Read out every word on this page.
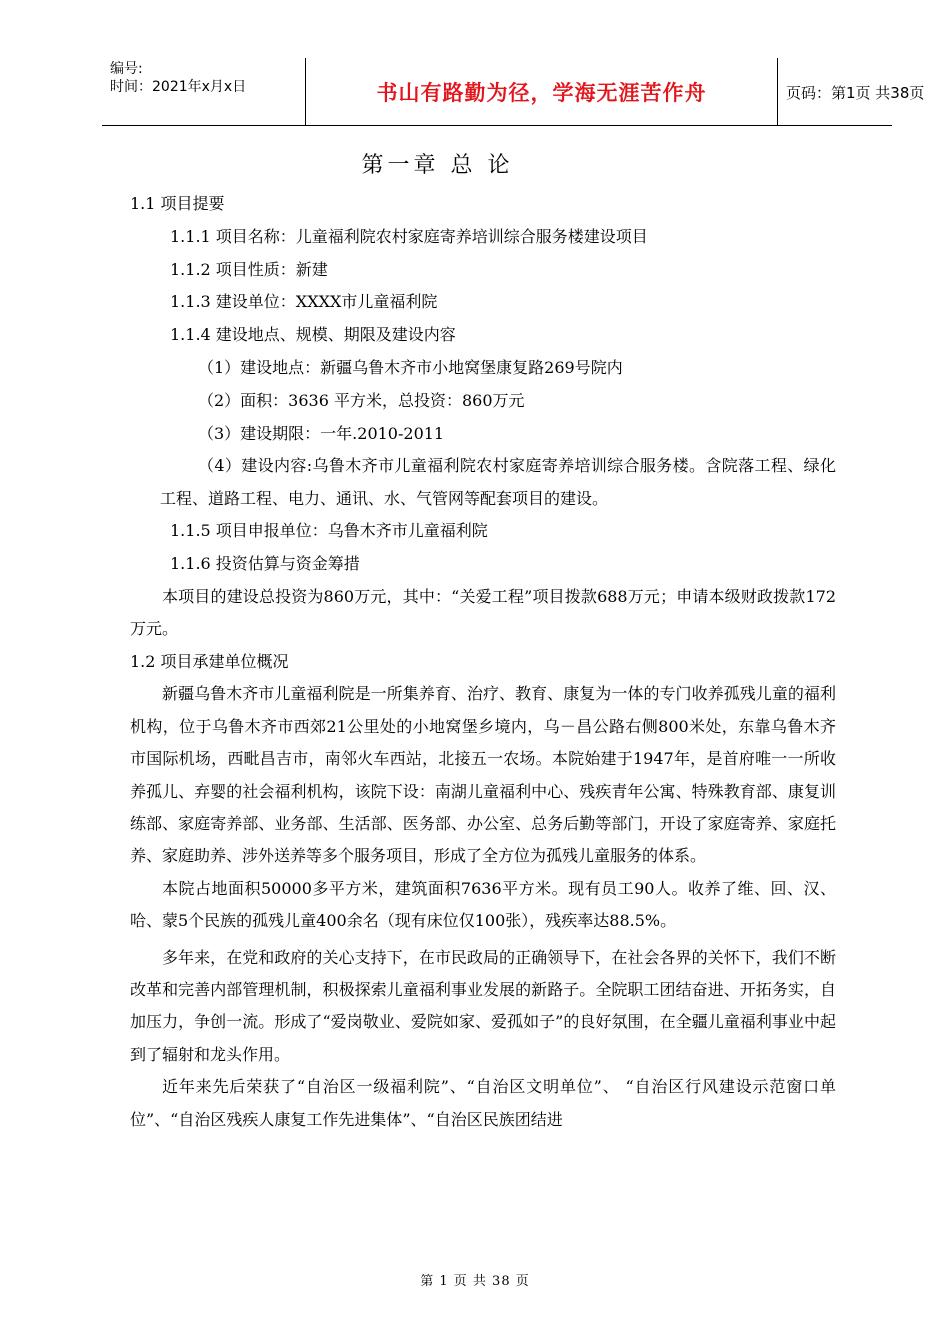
编号:
时间：2021年x月x日	书山有路勤为径，学海无涯苦作舟	页码：第1页 共38页
第一章 总 论
1.1 项目提要
1.1.1 项目名称：儿童福利院农村家庭寄养培训综合服务楼建设项目
1.1.2 项目性质：新建
1.1.3 建设单位：XXXX市儿童福利院
1.1.4 建设地点、规模、期限及建设内容
（1）建设地点：新疆乌鲁木齐市小地窝堡康复路269号院内
（2）面积：3636 平方米，总投资：860万元
（3）建设期限：一年.2010-2011
（4）建设内容:乌鲁木齐市儿童福利院农村家庭寄养培训综合服务楼。含院落工程、绿化工程、道路工程、电力、通讯、水、气管网等配套项目的建设。
1.1.5 项目申报单位：乌鲁木齐市儿童福利院
1.1.6 投资估算与资金筹措
本项目的建设总投资为860万元，其中：“关爱工程”项目拨款688万元；申请本级财政拨款172万元。
1.2 项目承建单位概况
新疆乌鲁木齐市儿童福利院是一所集养育、治疗、教育、康复为一体的专门收养孤残儿童的福利机构，位于乌鲁木齐市西郊21公里处的小地窝堡乡境内，乌－昌公路右侧800米处，东靠乌鲁木齐市国际机场，西毗昌吉市，南邻火车西站，北接五一农场。本院始建于1947年，是首府唯一一所收养孤儿、弃婴的社会福利机构，该院下设：南湖儿童福利中心、残疾青年公寓、特殊教育部、康复训练部、家庭寄养部、业务部、生活部、医务部、办公室、总务后勤等部门，开设了家庭寄养、家庭托养、家庭助养、涉外送养等多个服务项目，形成了全方位为孤残儿童服务的体系。
本院占地面积50000多平方米，建筑面积7636平方米。现有员工90人。收养了维、回、汉、哈、蒙5个民族的孤残儿童400余名（现有床位仅100张），残疾率达88.5%。
多年来，在党和政府的关心支持下，在市民政局的正确领导下，在社会各界的关怀下，我们不断改革和完善内部管理机制，积极探索儿童福利事业发展的新路子。全院职工团结奋进、开拓务实，自加压力，争创一流。形成了“爱岗敬业、爱院如家、爱孤如子”的良好氛围，在全疆儿童福利事业中起到了辐射和龙头作用。
近年来先后荣获了“自治区一级福利院”、“自治区文明单位”、 “自治区行风建设示范窗口单位”、“自治区残疾人康复工作先进集体”、“自治区民族团结进
第 1 页 共 38 页
